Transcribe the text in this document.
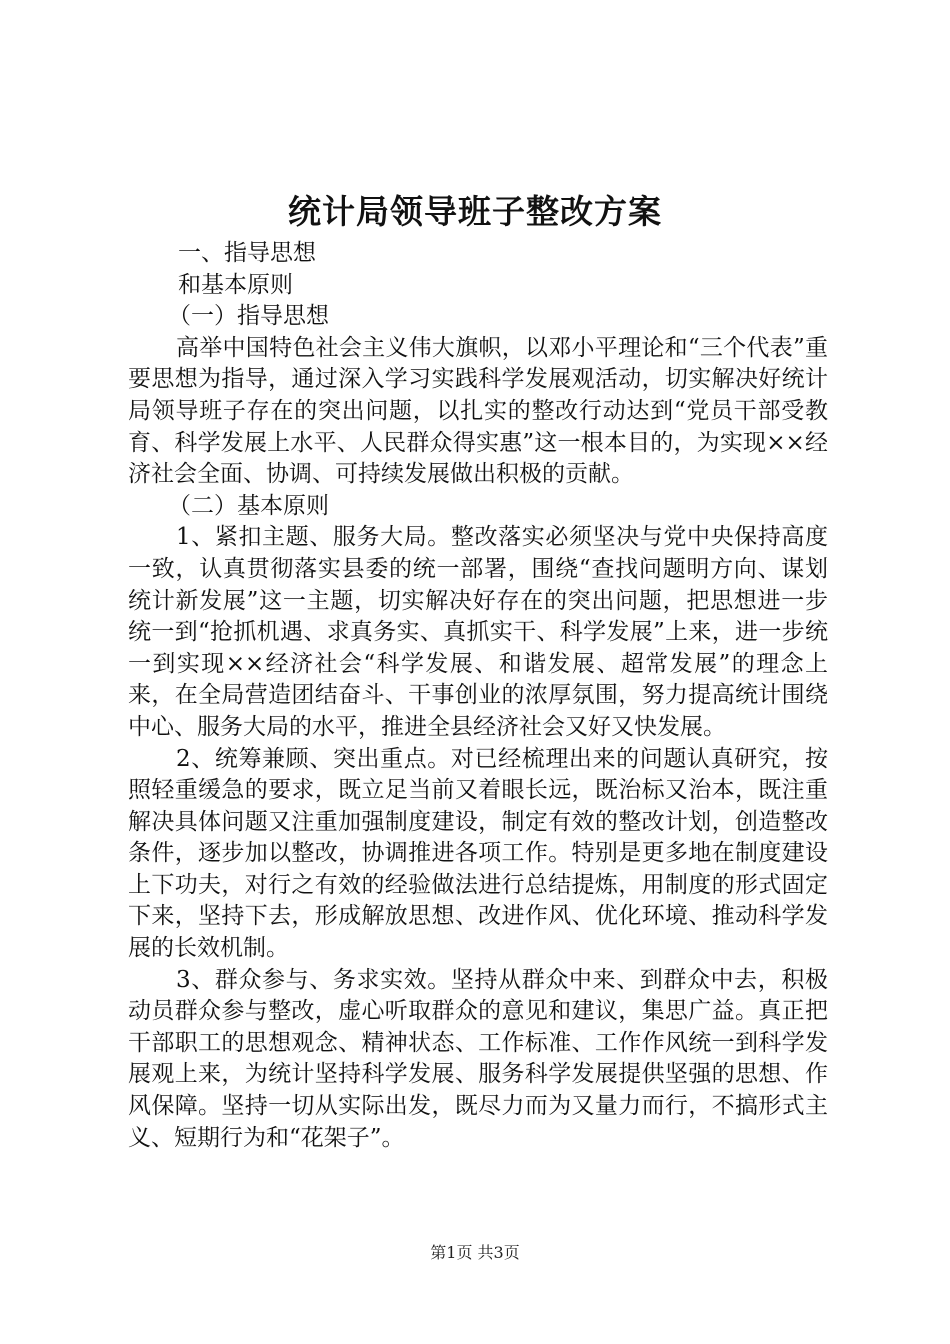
统计局领导班子整改方案

一、指导思想

和基本原则

（一）指导思想

高举中国特色社会主义伟大旗帜，以邓小平理论和“三个代表”重要思想为指导，通过深入学习实践科学发展观活动，切实解决好统计局领导班子存在的突出问题，以扎实的整改行动达到“党员干部受教育、科学发展上水平、人民群众得实惠”这一根本目的，为实现××经济社会全面、协调、可持续发展做出积极的贡献。

（二）基本原则

1、紧扣主题、服务大局。整改落实必须坚决与党中央保持高度一致，认真贯彻落实县委的统一部署，围绕“查找问题明方向、谋划统计新发展”这一主题，切实解决好存在的突出问题，把思想进一步统一到“抢抓机遇、求真务实、真抓实干、科学发展”上来，进一步统一到实现××经济社会“科学发展、和谐发展、超常发展”的理念上来，在全局营造团结奋斗、干事创业的浓厚氛围，努力提高统计围绕中心、服务大局的水平，推进全县经济社会又好又快发展。

2、统筹兼顾、突出重点。对已经梳理出来的问题认真研究，按照轻重缓急的要求，既立足当前又着眼长远，既治标又治本，既注重解决具体问题又注重加强制度建设，制定有效的整改计划，创造整改条件，逐步加以整改，协调推进各项工作。特别是更多地在制度建设上下功夫，对行之有效的经验做法进行总结提炼，用制度的形式固定下来，坚持下去，形成解放思想、改进作风、优化环境、推动科学发展的长效机制。

3、群众参与、务求实效。坚持从群众中来、到群众中去，积极动员群众参与整改，虚心听取群众的意见和建议，集思广益。真正把干部职工的思想观念、精神状态、工作标准、工作作风统一到科学发展观上来，为统计坚持科学发展、服务科学发展提供坚强的思想、作风保障。坚持一切从实际出发，既尽力而为又量力而行，不搞形式主义、短期行为和“花架子”。

第1页 共3页
